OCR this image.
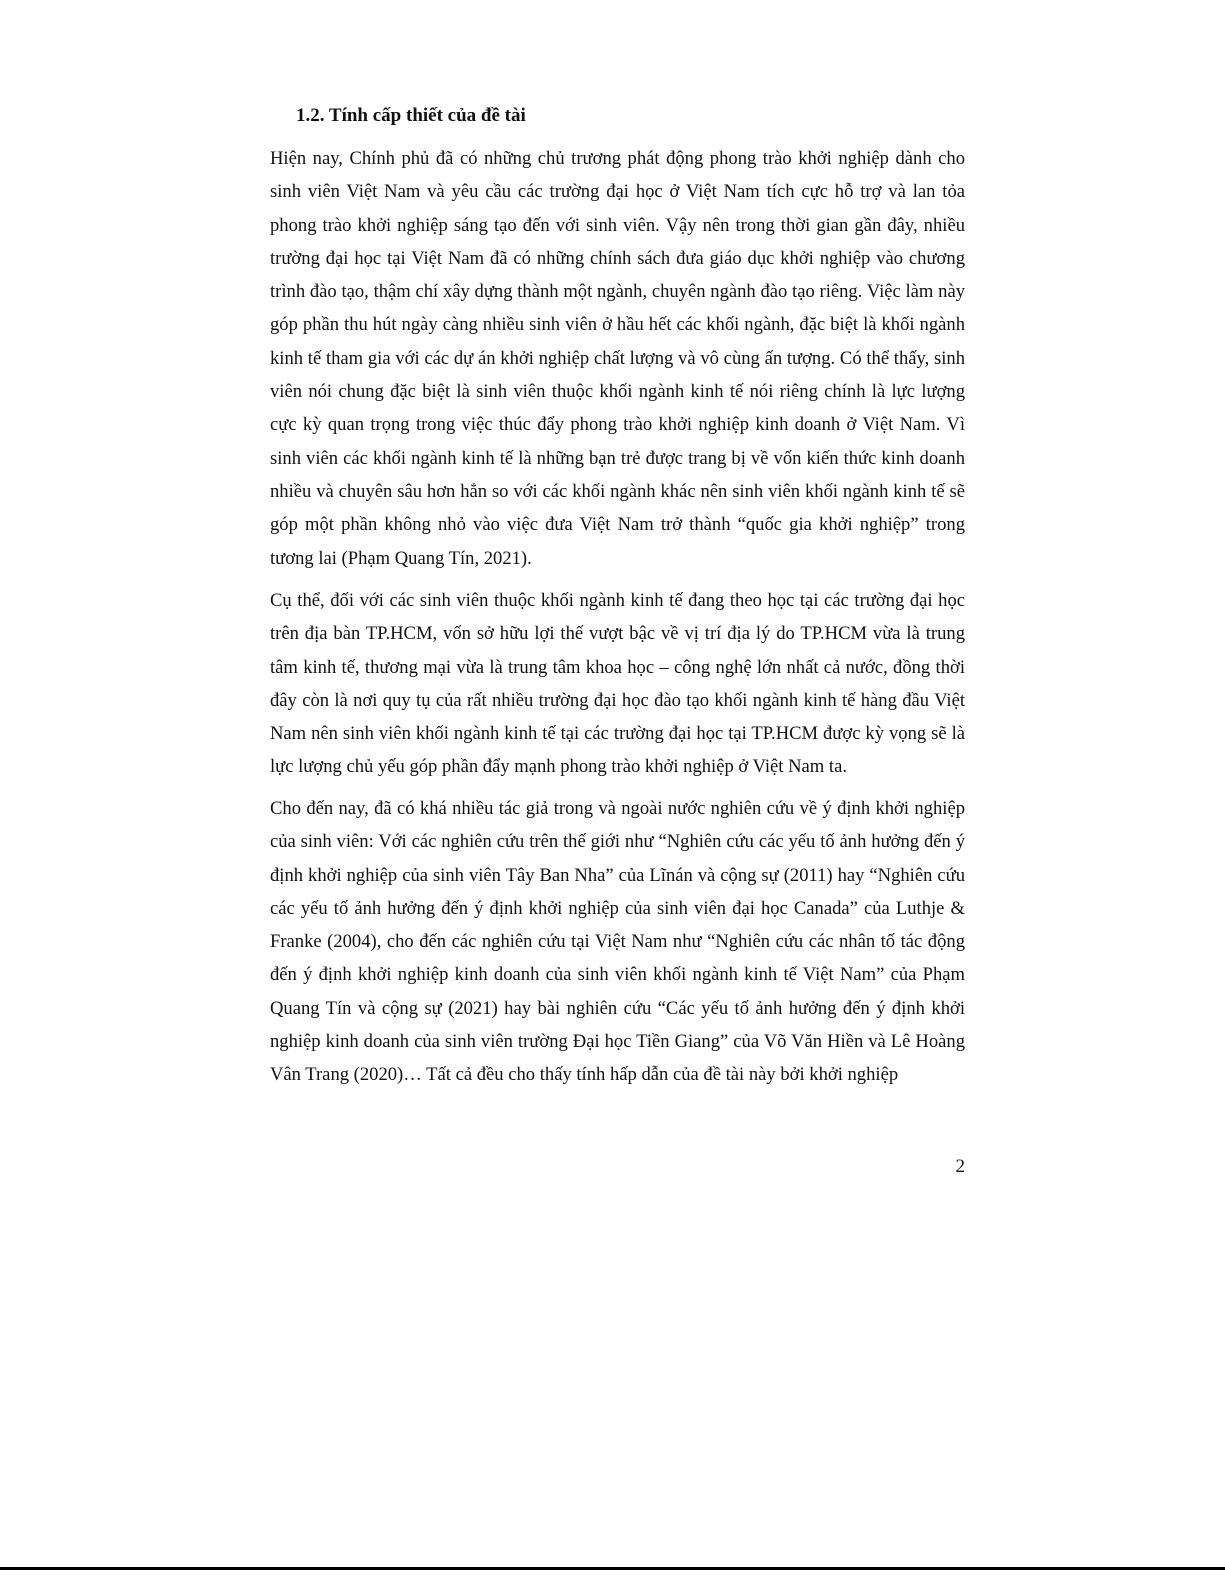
1.2. Tính cấp thiết của đề tài

Hiện nay, Chính phủ đã có những chủ trương phát động phong trào khởi nghiệp dành cho sinh viên Việt Nam và yêu cầu các trường đại học ở Việt Nam tích cực hỗ trợ và lan tỏa phong trào khởi nghiệp sáng tạo đến với sinh viên. Vậy nên trong thời gian gần đây, nhiều trường đại học tại Việt Nam đã có những chính sách đưa giáo dục khởi nghiệp vào chương trình đào tạo, thậm chí xây dựng thành một ngành, chuyên ngành đào tạo riêng. Việc làm này góp phần thu hút ngày càng nhiều sinh viên ở hầu hết các khối ngành, đặc biệt là khối ngành kinh tế tham gia với các dự án khởi nghiệp chất lượng và vô cùng ấn tượng. Có thể thấy, sinh viên nói chung đặc biệt là sinh viên thuộc khối ngành kinh tế nói riêng chính là lực lượng cực kỳ quan trọng trong việc thúc đẩy phong trào khởi nghiệp kinh doanh ở Việt Nam. Vì sinh viên các khối ngành kinh tế là những bạn trẻ được trang bị về vốn kiến thức kinh doanh nhiều và chuyên sâu hơn hẳn so với các khối ngành khác nên sinh viên khối ngành kinh tế sẽ góp một phần không nhỏ vào việc đưa Việt Nam trở thành “quốc gia khởi nghiệp” trong tương lai (Phạm Quang Tín, 2021).

Cụ thể, đối với các sinh viên thuộc khối ngành kinh tế đang theo học tại các trường đại học trên địa bàn TP.HCM, vốn sở hữu lợi thế vượt bậc về vị trí địa lý do TP.HCM vừa là trung tâm kinh tế, thương mại vừa là trung tâm khoa học – công nghệ lớn nhất cả nước, đồng thời đây còn là nơi quy tụ của rất nhiều trường đại học đào tạo khối ngành kinh tế hàng đầu Việt Nam nên sinh viên khối ngành kinh tế tại các trường đại học tại TP.HCM được kỳ vọng sẽ là lực lượng chủ yếu góp phần đẩy mạnh phong trào khởi nghiệp ở Việt Nam ta.

Cho đến nay, đã có khá nhiều tác giả trong và ngoài nước nghiên cứu về ý định khởi nghiệp của sinh viên: Với các nghiên cứu trên thế giới như “Nghiên cứu các yếu tố ảnh hưởng đến ý định khởi nghiệp của sinh viên Tây Ban Nha” của Lĩnán và cộng sự (2011) hay “Nghiên cứu các yếu tố ảnh hưởng đến ý định khởi nghiệp của sinh viên đại học Canada” của Luthje & Franke (2004), cho đến các nghiên cứu tại Việt Nam như “Nghiên cứu các nhân tố tác động đến ý định khởi nghiệp kinh doanh của sinh viên khối ngành kinh tế Việt Nam” của Phạm Quang Tín và cộng sự (2021) hay bài nghiên cứu “Các yếu tố ảnh hưởng đến ý định khởi nghiệp kinh doanh của sinh viên trường Đại học Tiền Giang” của Võ Văn Hiền và Lê Hoàng Vân Trang (2020)… Tất cả đều cho thấy tính hấp dẫn của đề tài này bởi khởi nghiệp

2
